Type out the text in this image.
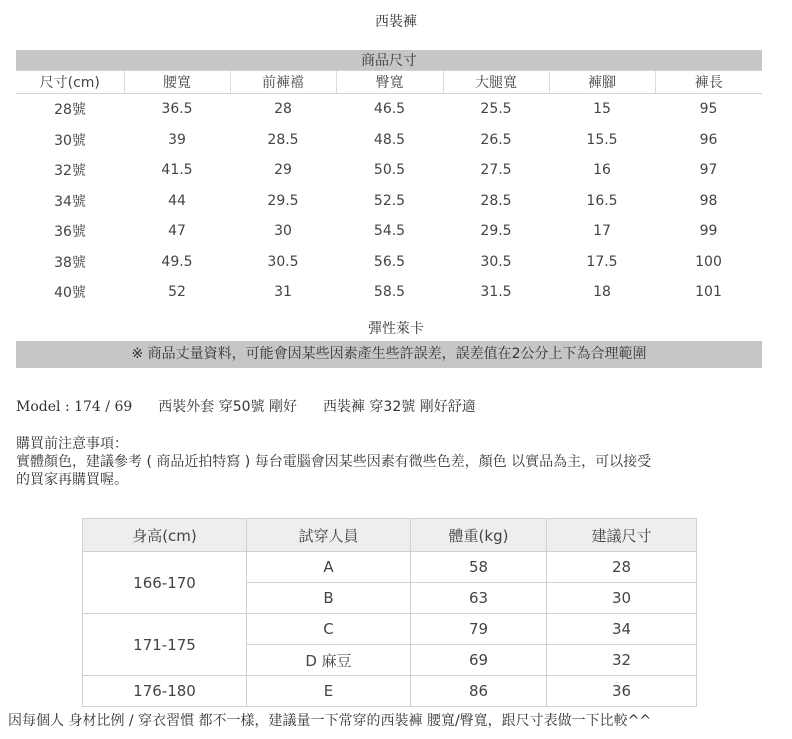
西裝褲
商品尺寸						
尺寸(cm)	腰寬	前褲襠	臀寬	大腿寬	褲腳	褲長
28號	36.5	28	46.5	25.5	15	95
30號	39	28.5	48.5	26.5	15.5	96
32號	41.5	29	50.5	27.5	16	97
34號	44	29.5	52.5	28.5	16.5	98
36號	47	30	54.5	29.5	17	99
38號	49.5	30.5	56.5	30.5	17.5	100
40號	52	31	58.5	31.5	18	101
彈性萊卡
※ 商品丈量資料，可能會因某些因素產生些許誤差，誤差值在2公分上下為合理範圍
Model : 174 / 69 西裝外套 穿50號 剛好 西裝褲 穿32號 剛好舒適
購買前注意事項：
實體顏色，建議參考 ( 商品近拍特寫 ) 每台電腦會因某些因素有微些色差，顏色 以實品為主，可以接受
的買家再購買喔。
身高(cm)	試穿人員	體重(kg)	建議尺寸
166-170	A	58	28
	B	63	30
171-175	C	79	34
	D 麻豆	69	32
176-180	E	86	36
因每個人 身材比例 / 穿衣習慣 都不一樣，建議量一下常穿的西裝褲 腰寬/臀寬，跟尺寸表做一下比較^^
